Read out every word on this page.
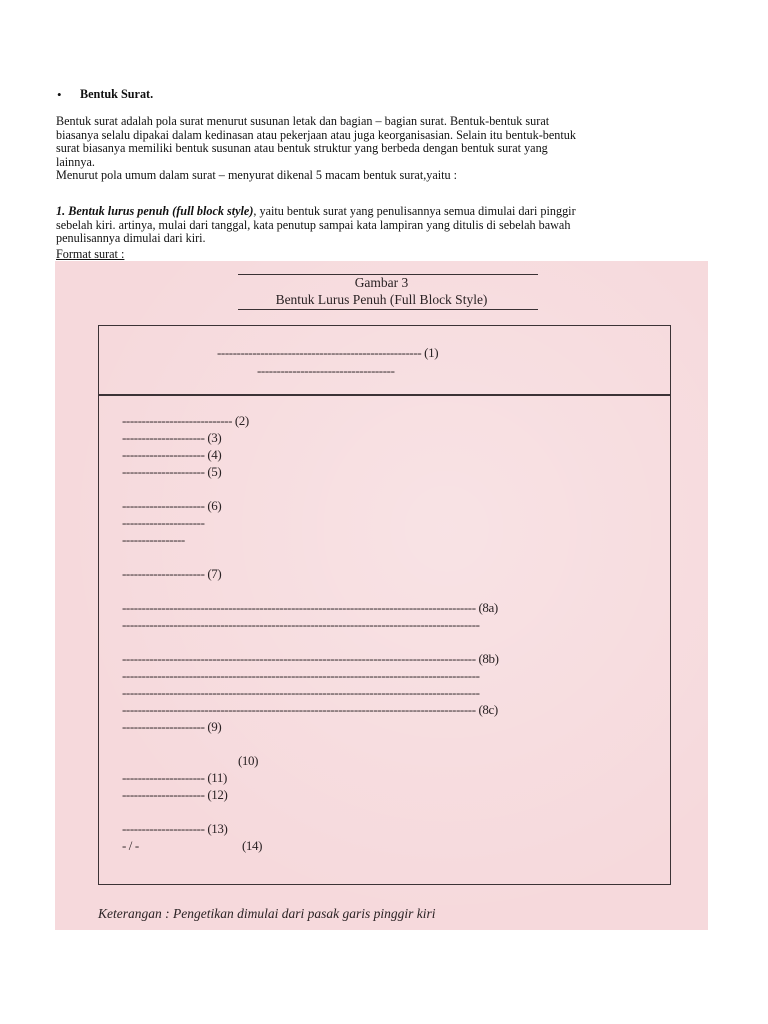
• Bentuk Surat.

Bentuk surat adalah pola surat menurut susunan letak dan bagian – bagian surat. Bentuk-bentuk surat

biasanya selalu dipakai dalam kedinasan atau pekerjaan atau juga keorganisasian. Selain itu bentuk-bentuk

surat biasanya memiliki bentuk susunan atau bentuk struktur yang berbeda dengan bentuk surat yang

lainnya.

Menurut pola umum dalam surat – menyurat dikenal 5 macam bentuk surat,yaitu :

1. Bentuk lurus penuh (full block style), yaitu bentuk surat yang penulisannya semua dimulai dari pinggir

sebelah kiri. artinya, mulai dari tanggal, kata penutup sampai kata lampiran yang ditulis di sebelah bawah

penulisannya dimulai dari kiri.

Format surat :
Gambar 3
Bentuk Lurus Penuh (Full Block Style)
---------------------------------------------------- (1)
-----------------------------------
---------------------------- (2)
--------------------- (3)
--------------------- (4)
--------------------- (5)
--------------------- (6)
---------------------
----------------
--------------------- (7)
------------------------------------------------------------------------------------------ (8a)
-------------------------------------------------------------------------------------------
------------------------------------------------------------------------------------------ (8b)
-------------------------------------------------------------------------------------------
-------------------------------------------------------------------------------------------
------------------------------------------------------------------------------------------ (8c)
--------------------- (9)
(10)
--------------------- (11)
--------------------- (12)
--------------------- (13)
- / -	(14)
Keterangan : Pengetikan dimulai dari pasak garis pinggir kiri
